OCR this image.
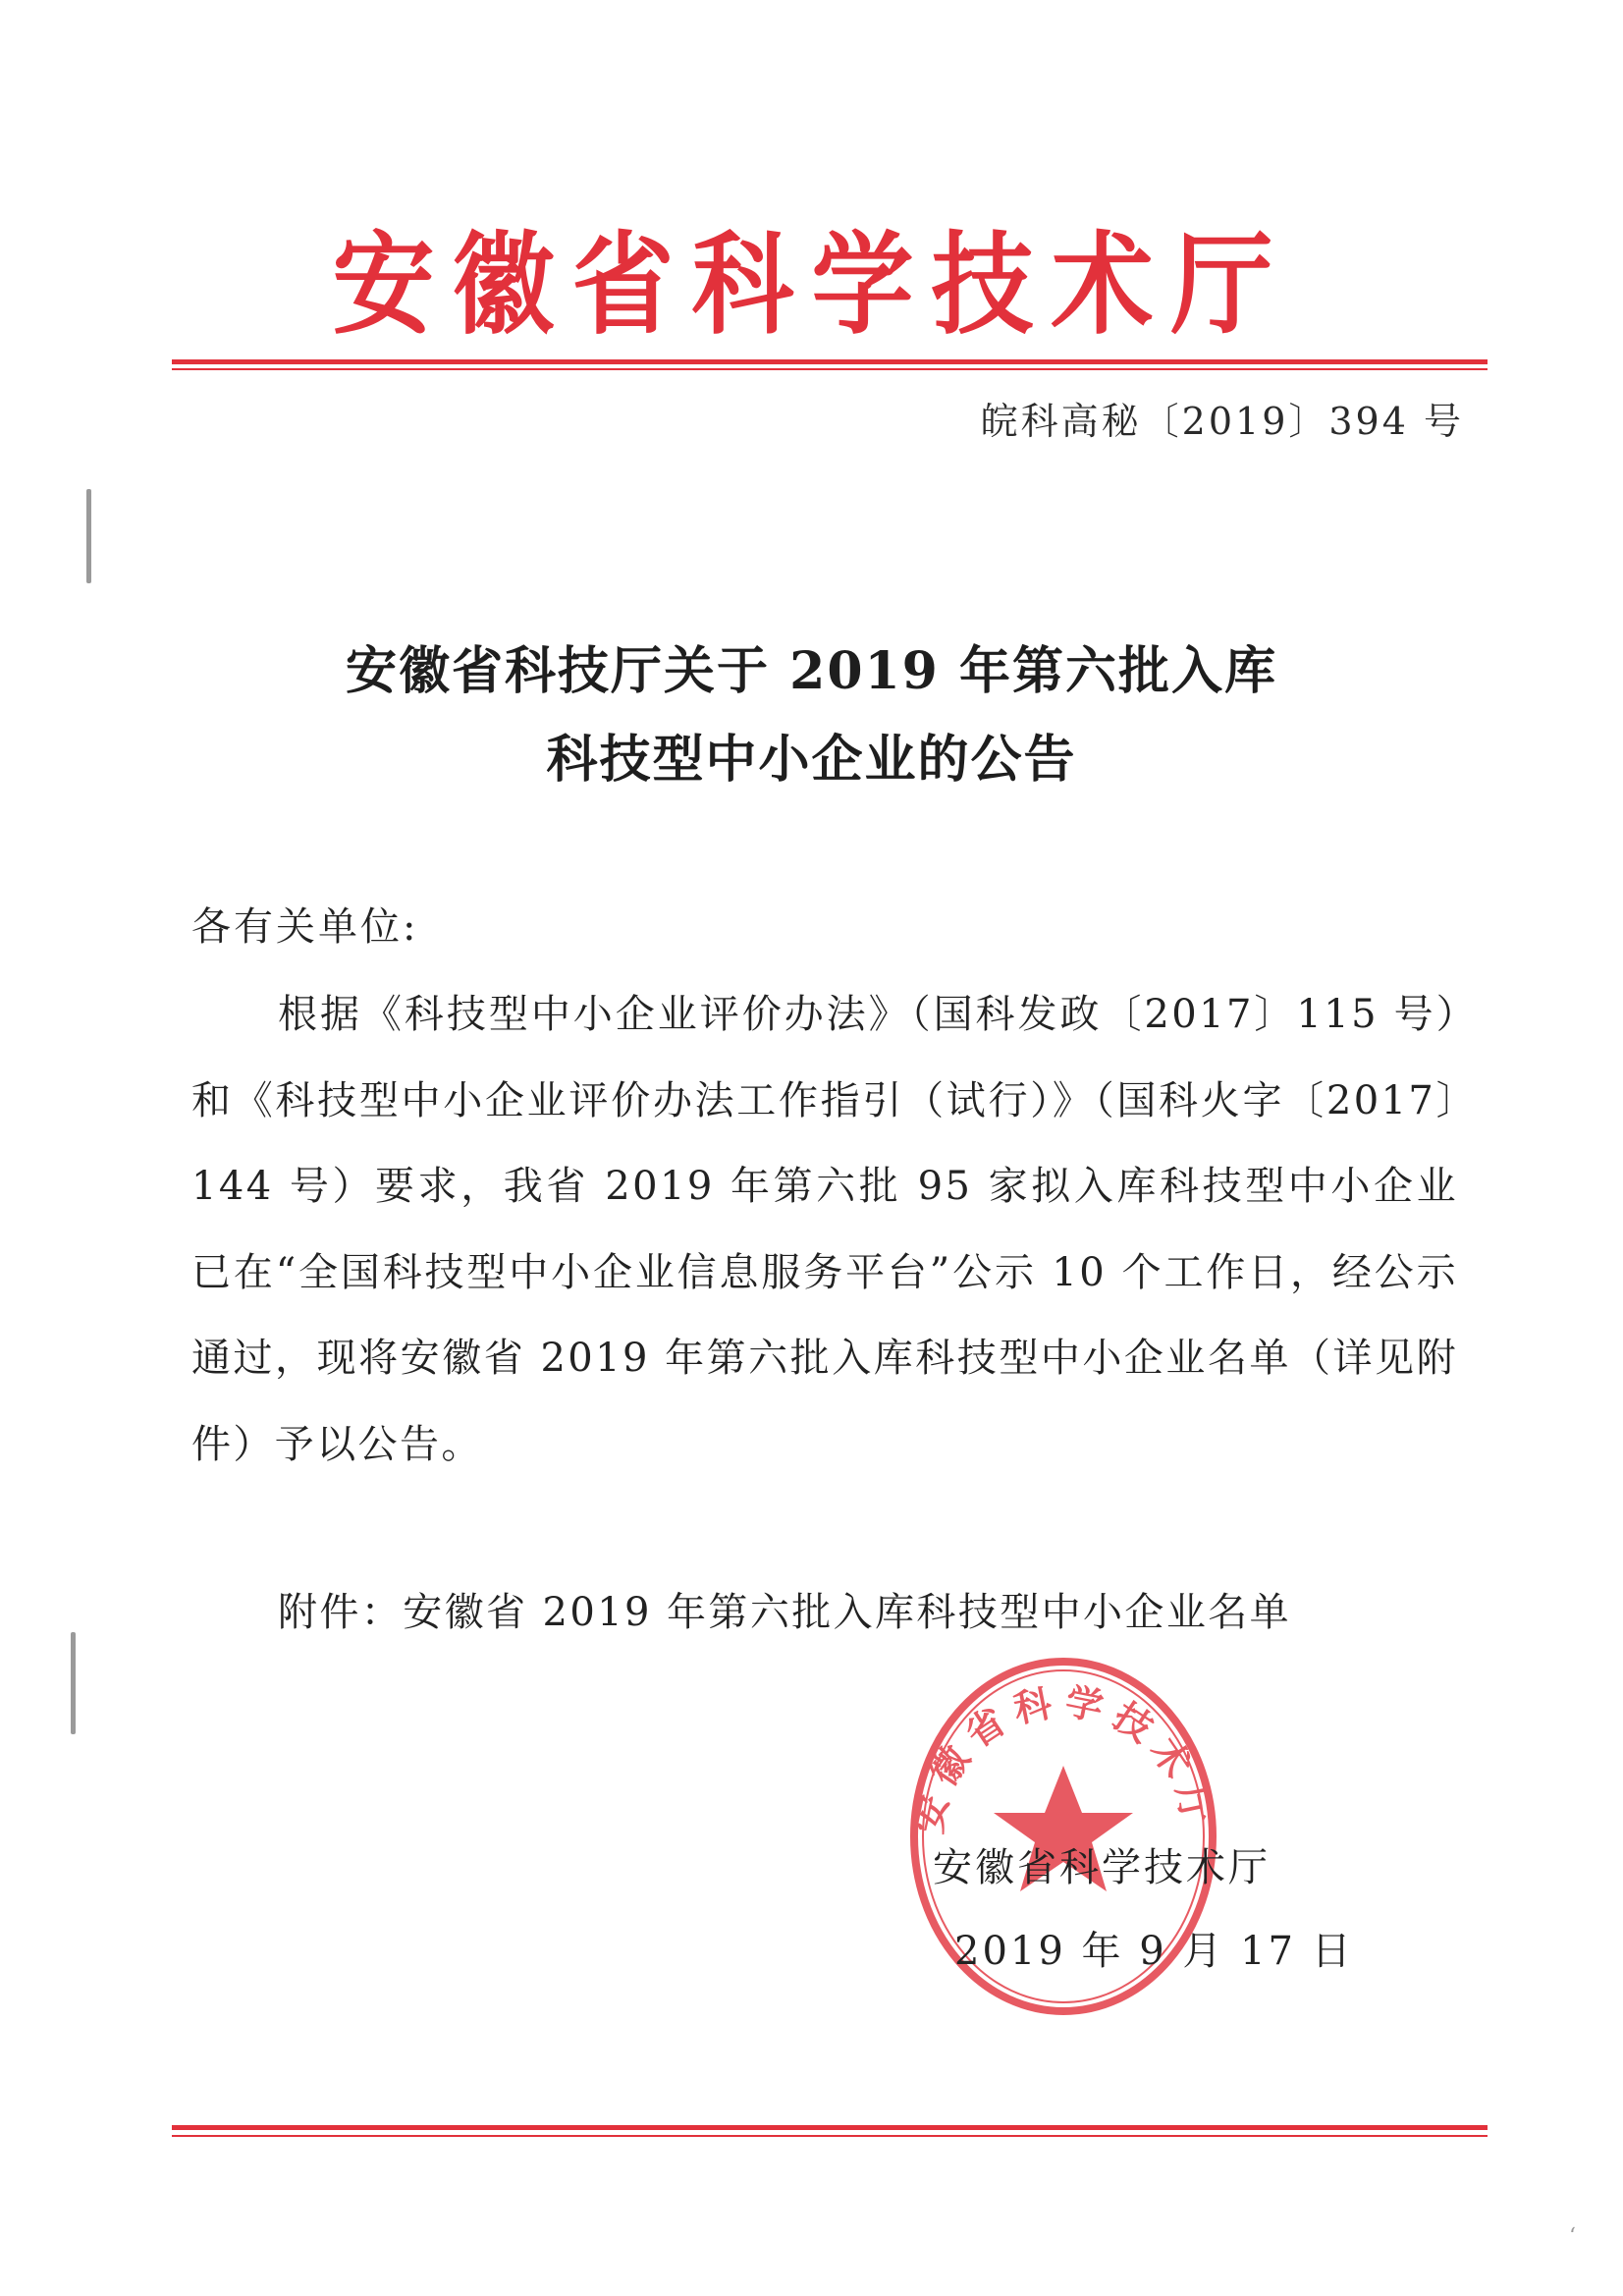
安徽省科学技术厅
皖科高秘〔2019〕394 号
安徽省科技厅关于 2019 年第六批入库
科技型中小企业的公告
各有关单位:

根据《科技型中小企业评价办法》（国科发政〔2017〕115 号）和《科技型中小企业评价办法工作指引（试行）》（国科火字〔2017〕144 号）要求，我省 2019 年第六批 95 家拟入库科技型中小企业已在“全国科技型中小企业信息服务平台”公示 10 个工作日，经公示通过，现将安徽省 2019 年第六批入库科技型中小企业名单（详见附件）予以公告。

附件：安徽省 2019 年第六批入库科技型中小企业名单
安徽省科学技术厅
安徽省科学技术厅
2019 年 9 月 17 日
‘
